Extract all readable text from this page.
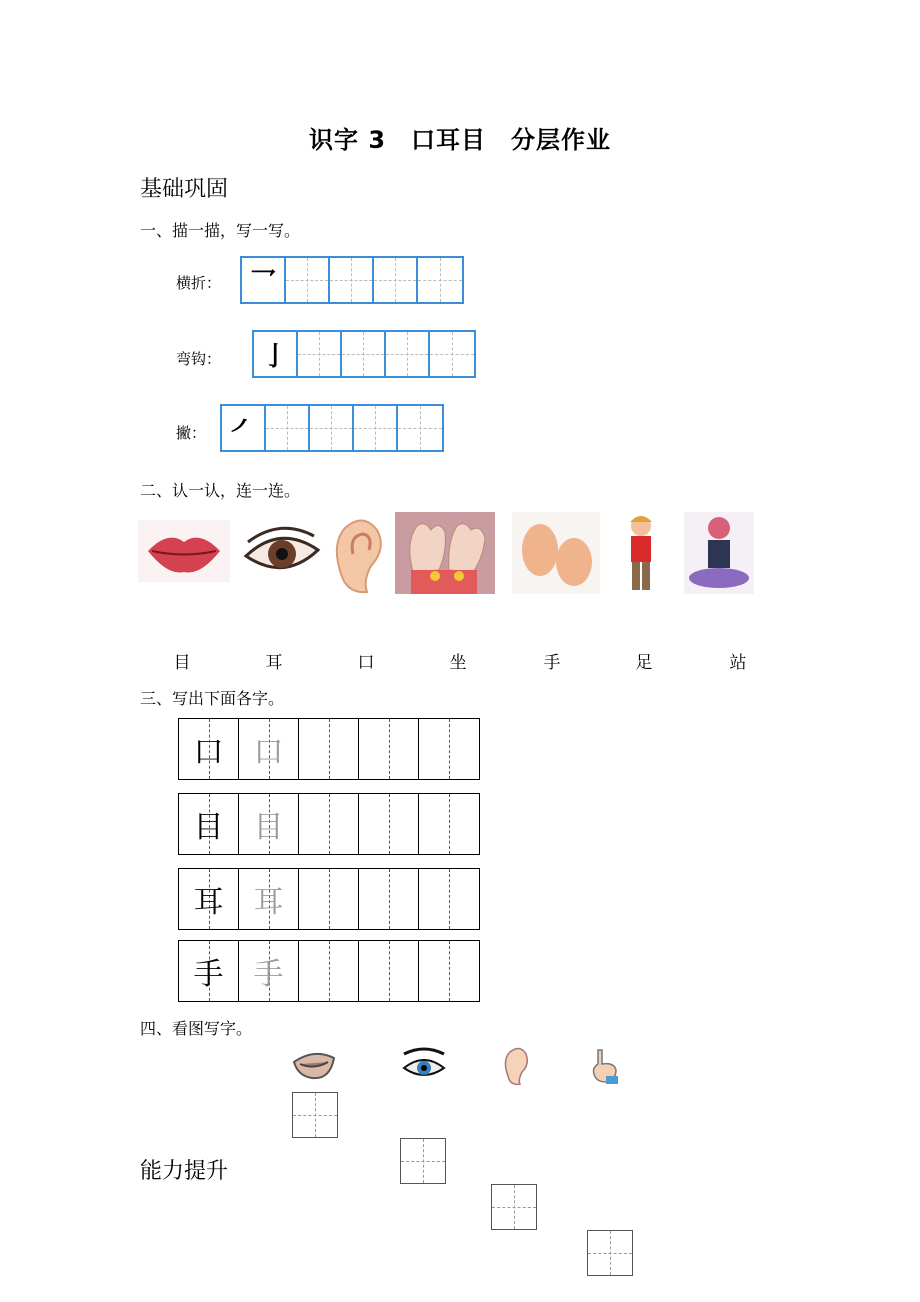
识字 3　口耳目　分层作业
基础巩固
一、描一描，写一写。
横折：	乛
弯钩：	亅
撇： ㇒
二、认一认，连一连。
目	耳	口	坐	手	足	站
三、写出下面各字。
口	口
目	目
耳	耳
手	手
四、看图写字。
能力提升
